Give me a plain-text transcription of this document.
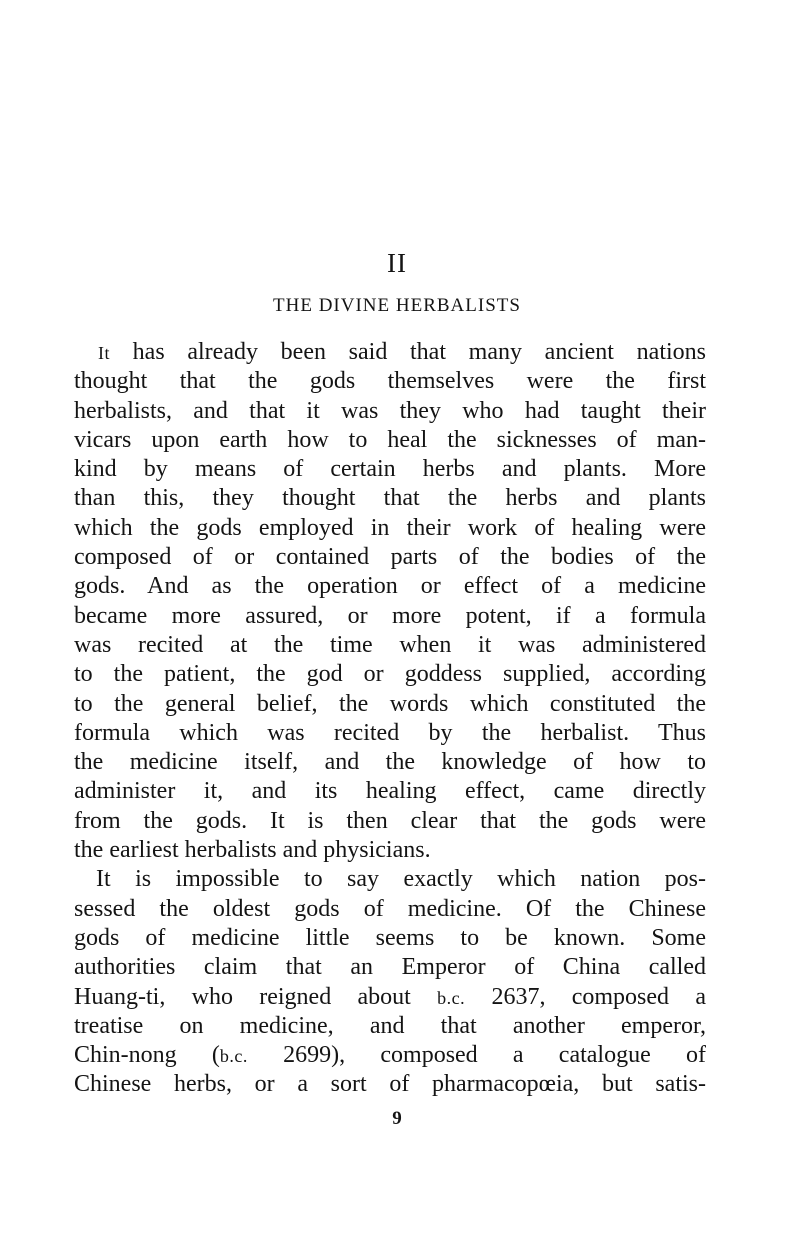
II
THE DIVINE HERBALISTS
It has already been said that many ancient nations
thought that the gods themselves were the first
herbalists, and that it was they who had taught their
vicars upon earth how to heal the sicknesses of man-
kind by means of certain herbs and plants. More
than this, they thought that the herbs and plants
which the gods employed in their work of healing were
composed of or contained parts of the bodies of the
gods. And as the operation or effect of a medicine
became more assured, or more potent, if a formula
was recited at the time when it was administered
to the patient, the god or goddess supplied, according
to the general belief, the words which constituted the
formula which was recited by the herbalist. Thus
the medicine itself, and the knowledge of how to
administer it, and its healing effect, came directly
from the gods. It is then clear that the gods were
the earliest herbalists and physicians.
It is impossible to say exactly which nation pos-
sessed the oldest gods of medicine. Of the Chinese
gods of medicine little seems to be known. Some
authorities claim that an Emperor of China called
Huang-ti, who reigned about b.c. 2637, composed a
treatise on medicine, and that another emperor,
Chin-nong (b.c. 2699), composed a catalogue of
Chinese herbs, or a sort of pharmacopœia, but satis-
9
